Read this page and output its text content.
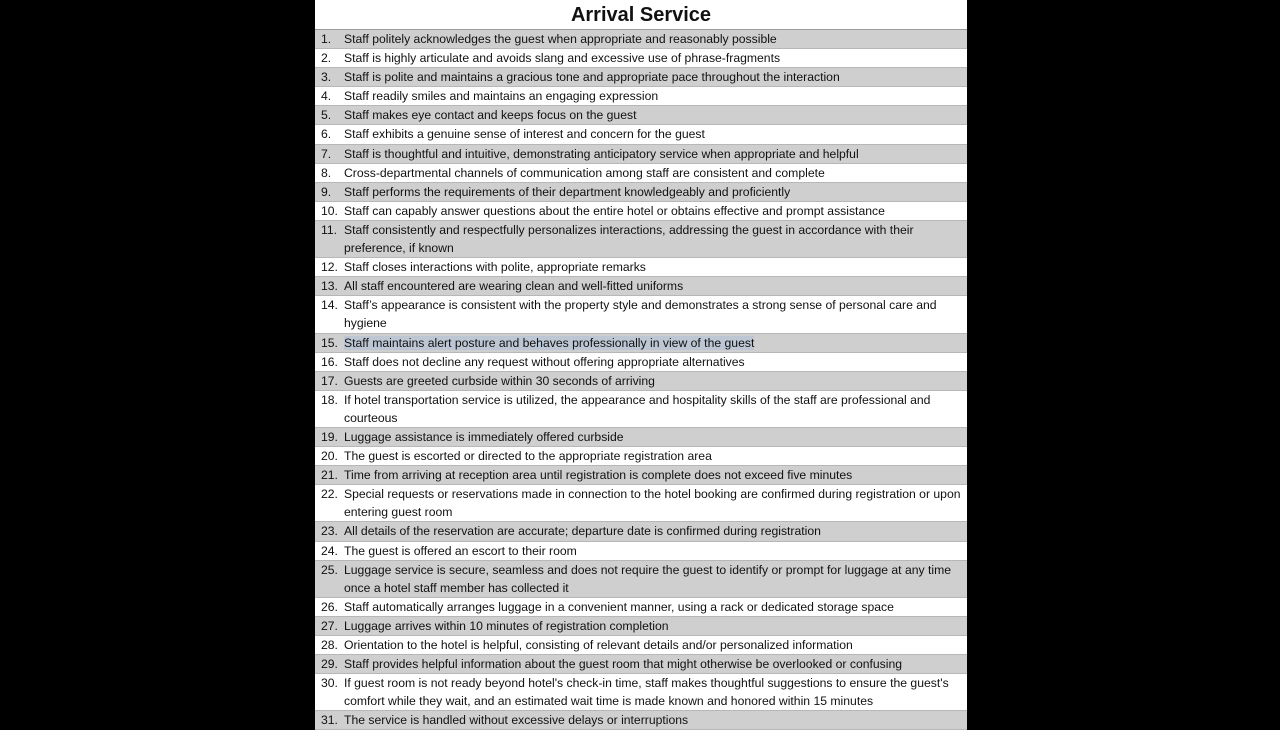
Arrival Service
1.	Staff politely acknowledges the guest when appropriate and reasonably possible
2.	Staff is highly articulate and avoids slang and excessive use of phrase-fragments
3.	Staff is polite and maintains a gracious tone and appropriate pace throughout the interaction
4.	Staff readily smiles and maintains an engaging expression
5.	Staff makes eye contact and keeps focus on the guest
6.	Staff exhibits a genuine sense of interest and concern for the guest
7.	Staff is thoughtful and intuitive, demonstrating anticipatory service when appropriate and helpful
8.	Cross-departmental channels of communication among staff are consistent and complete
9.	Staff performs the requirements of their department knowledgeably and proficiently
10. Staff can capably answer questions about the entire hotel or obtains effective and prompt assistance
11. Staff consistently and respectfully personalizes interactions, addressing the guest in accordance with their preference, if known
12. Staff closes interactions with polite, appropriate remarks
13. All staff encountered are wearing clean and well-fitted uniforms
14. Staff’s appearance is consistent with the property style and demonstrates a strong sense of personal care and hygiene
15. Staff maintains alert posture and behaves professionally in view of the guest
16. Staff does not decline any request without offering appropriate alternatives
17. Guests are greeted curbside within 30 seconds of arriving
18. If hotel transportation service is utilized, the appearance and hospitality skills of the staff are professional and courteous
19. Luggage assistance is immediately offered curbside
20. The guest is escorted or directed to the appropriate registration area
21. Time from arriving at reception area until registration is complete does not exceed five minutes
22. Special requests or reservations made in connection to the hotel booking are confirmed during registration or upon entering guest room
23. All details of the reservation are accurate; departure date is confirmed during registration
24. The guest is offered an escort to their room
25. Luggage service is secure, seamless and does not require the guest to identify or prompt for luggage at any time once a hotel staff member has collected it
26. Staff automatically arranges luggage in a convenient manner, using a rack or dedicated storage space
27. Luggage arrives within 10 minutes of registration completion
28. Orientation to the hotel is helpful, consisting of relevant details and/or personalized information
29. Staff provides helpful information about the guest room that might otherwise be overlooked or confusing
30. If guest room is not ready beyond hotel's check-in time, staff makes thoughtful suggestions to ensure the guest's comfort while they wait, and an estimated wait time is made known and honored within 15 minutes
31. The service is handled without excessive delays or interruptions
